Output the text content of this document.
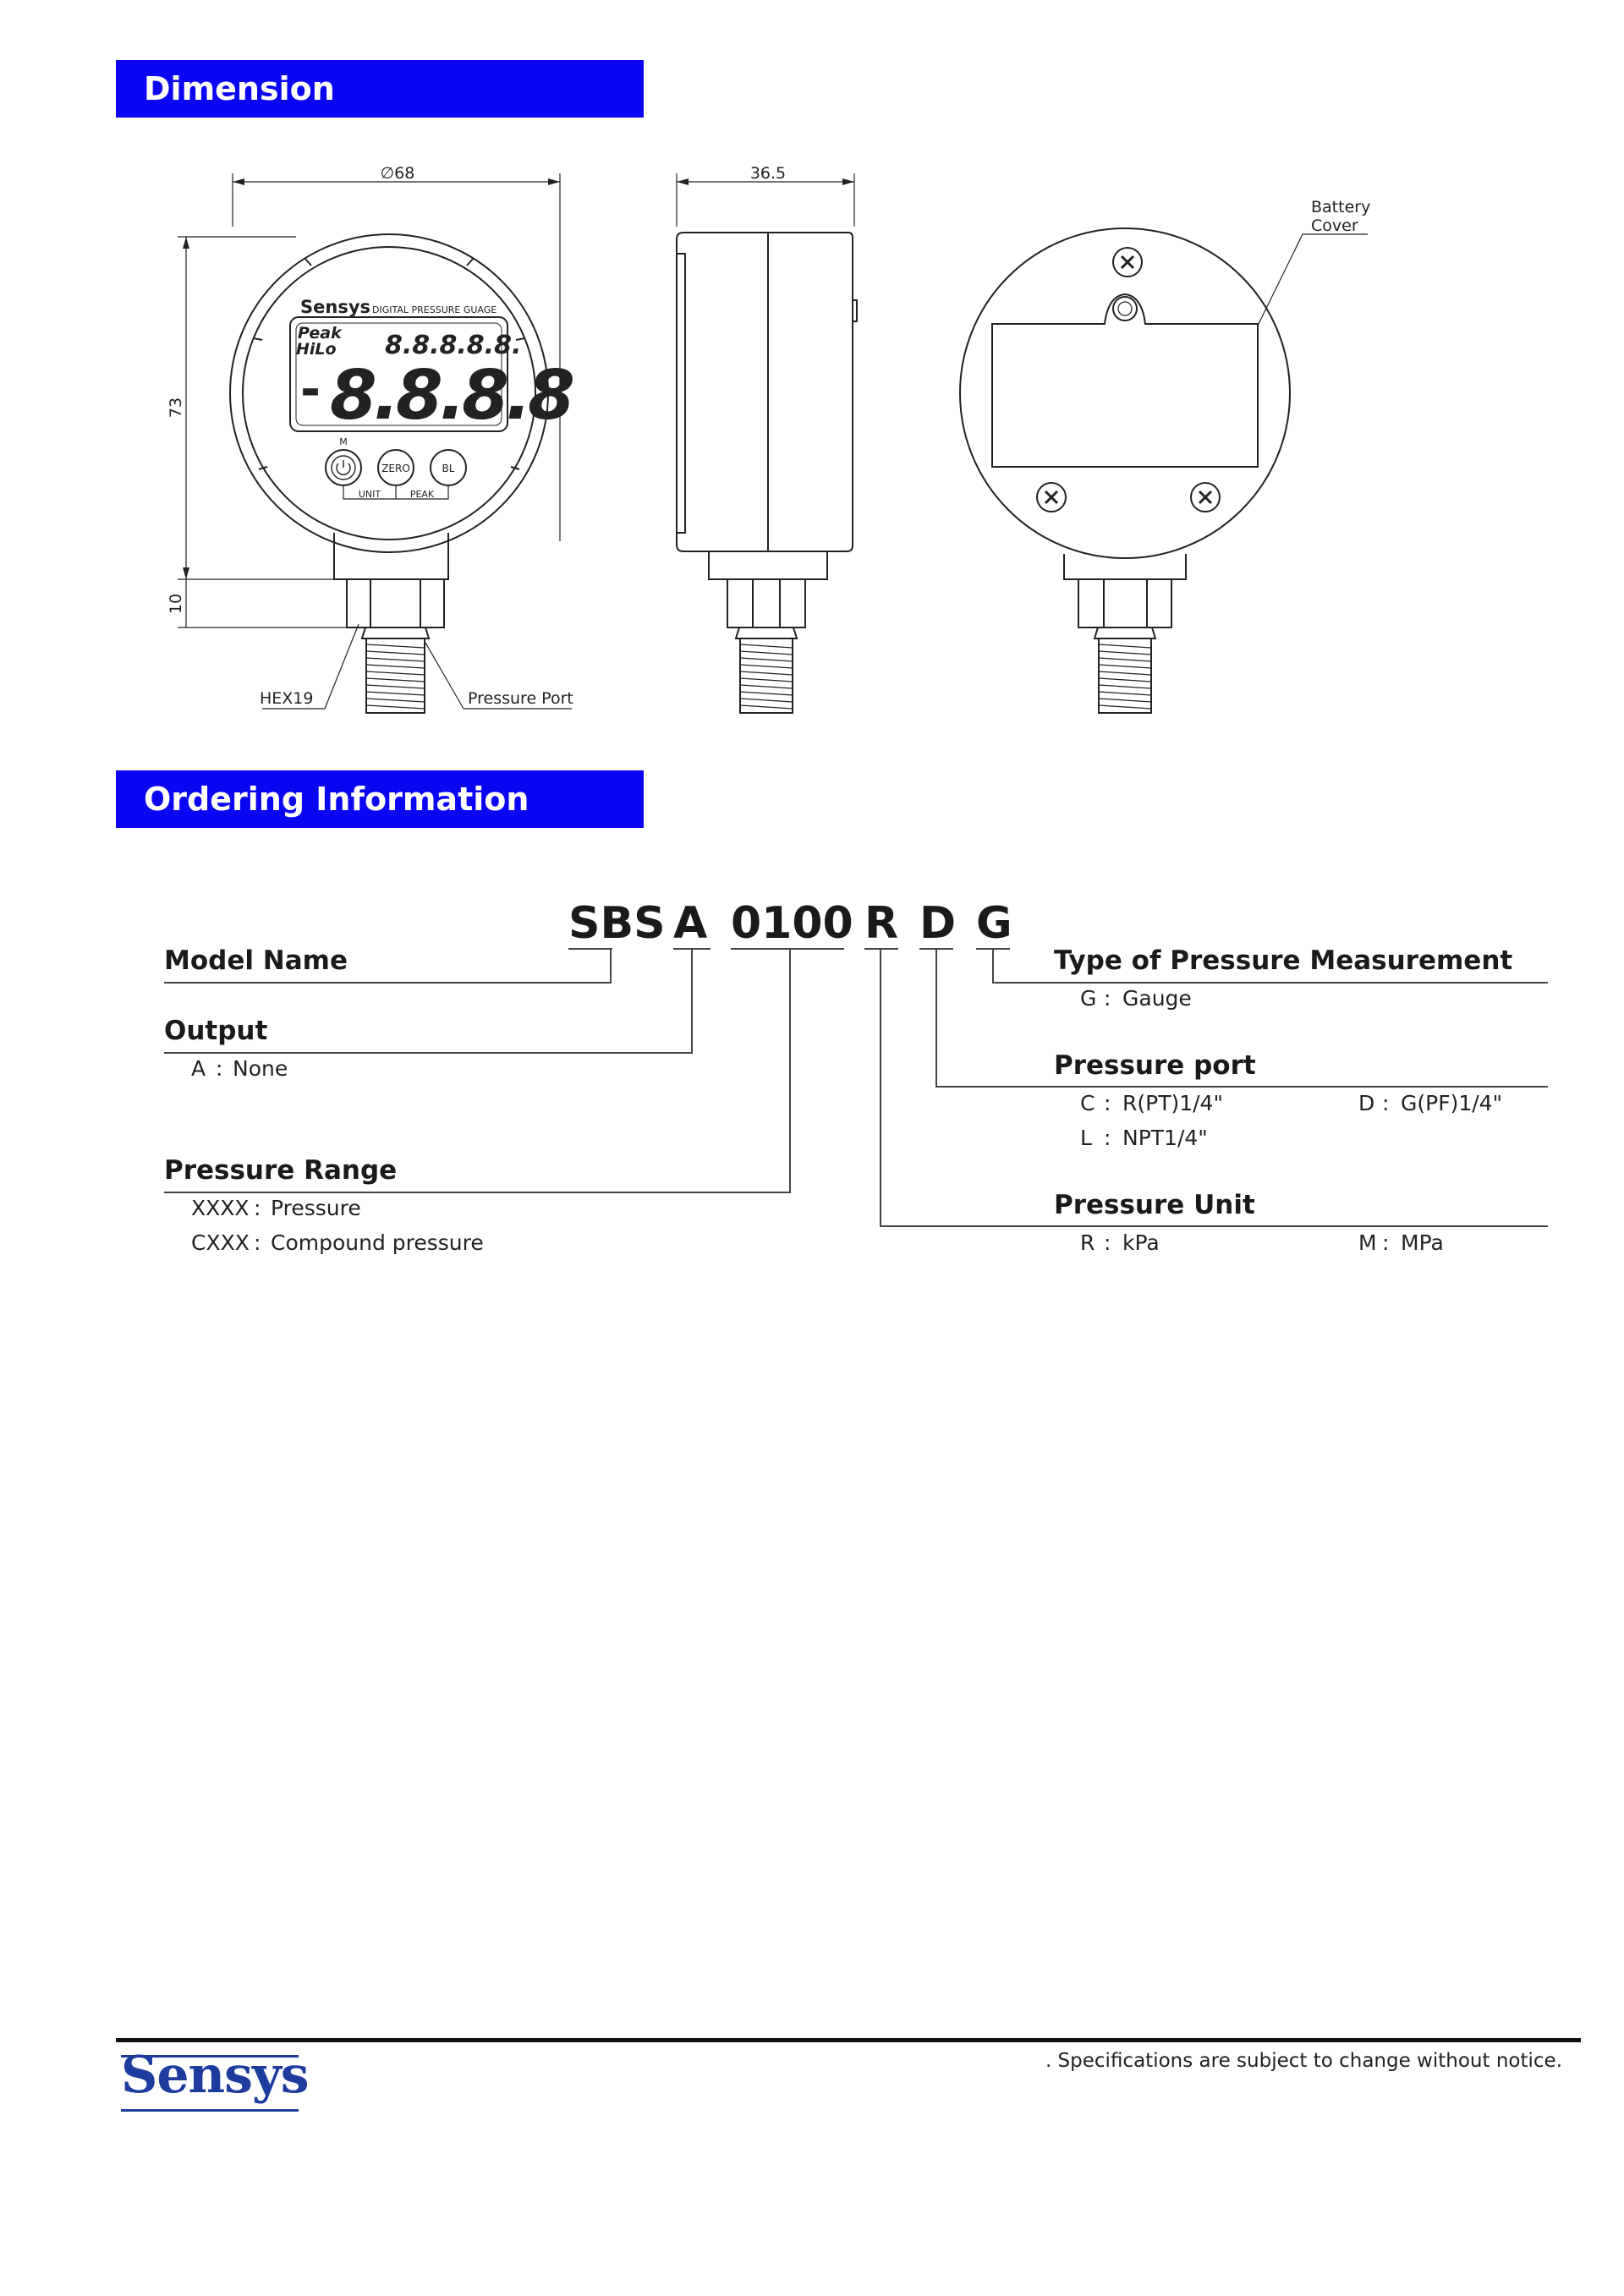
Dimension
∅68	36.5
73
10
HEX19	Pressure Port
Battery
Cover
Sensys DIGITAL PRESSURE GUAGE
Peak
HiLo 8.8.8.8.8.
- 8.8.8.8
M
ZERO	BL
UNIT	PEAK
Ordering Information
SBS A 0100 R D G
Model Name
Output
A : None
Pressure Range
XXXX : Pressure
CXXX : Compound pressure
Type of Pressure Measurement
G : Gauge
Pressure port
C : R(PT)1/4"	D : G(PF)1/4"
L : NPT1/4"
Pressure Unit
R : kPa	M : MPa
Sensys	. Specifications are subject to change without notice.
